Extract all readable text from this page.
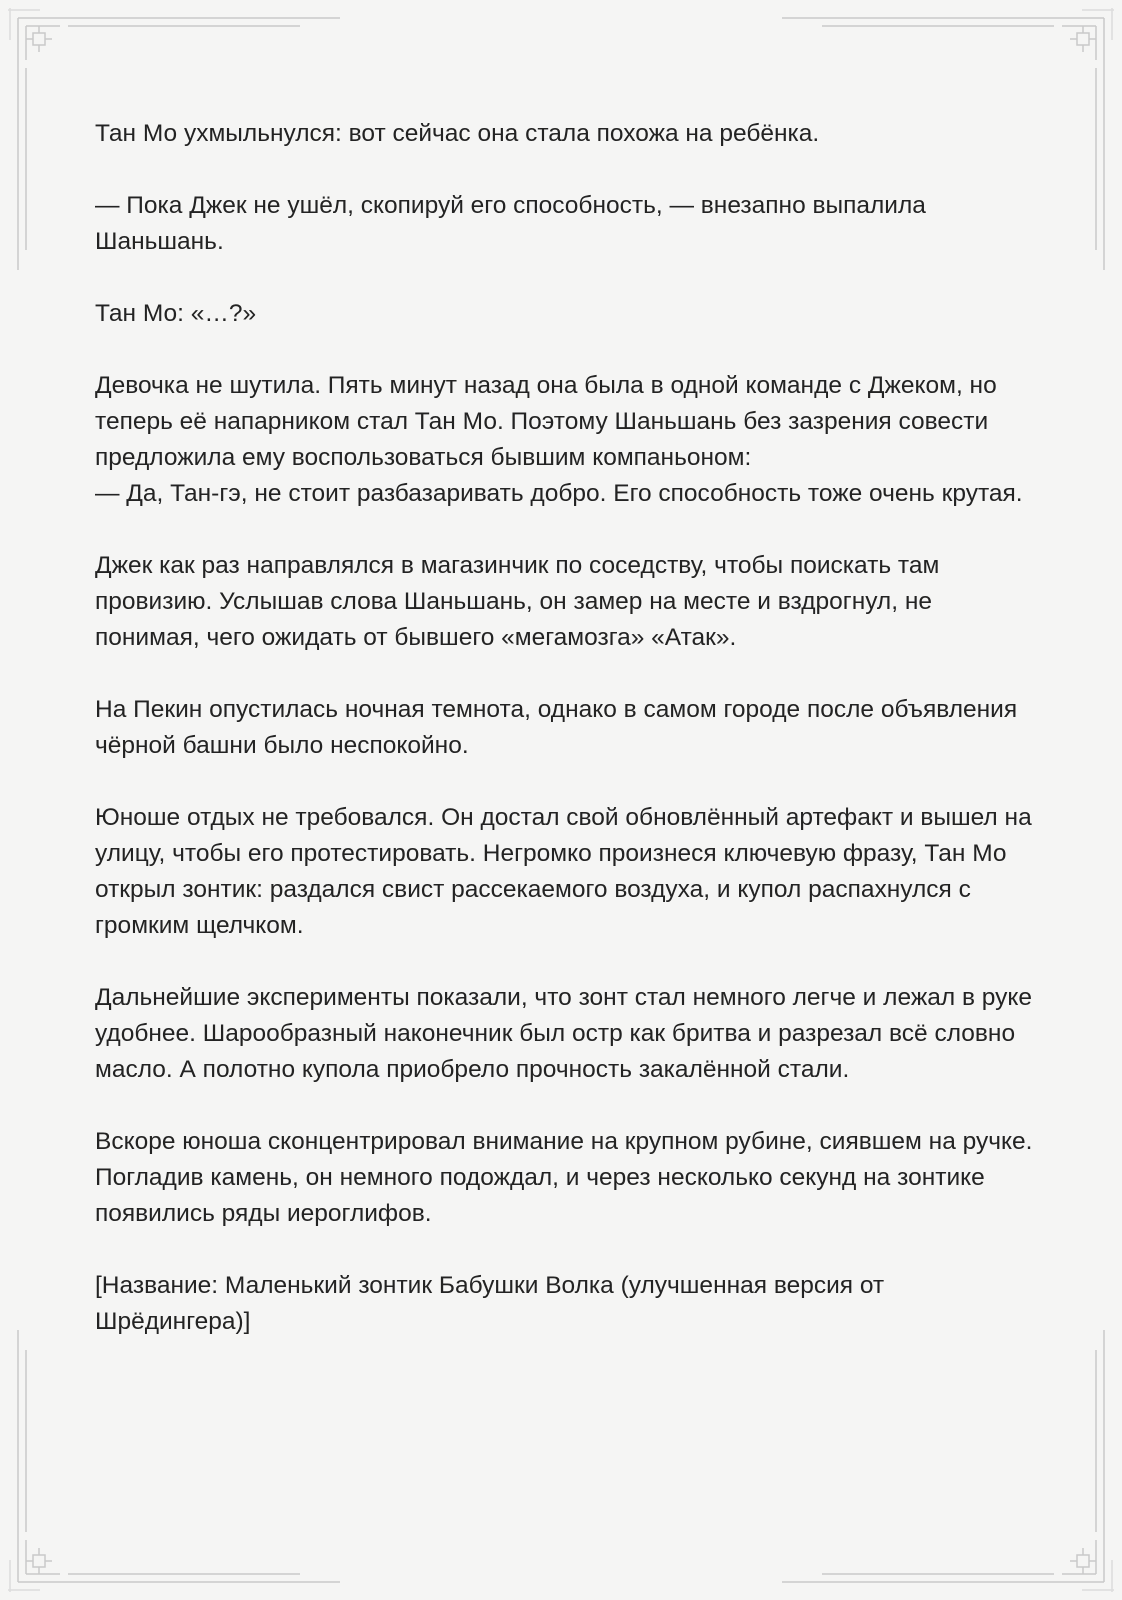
Тан Мо ухмыльнулся: вот сейчас она стала похожа на ребёнка.

— Пока Джек не ушёл, скопируй его способность, — внезапно выпалила Шаньшань.

Тан Мо: «…?»

Девочка не шутила. Пять минут назад она была в одной команде с Джеком, но теперь её напарником стал Тан Мо. Поэтому Шаньшань без зазрения совести предложила ему воспользоваться бывшим компаньоном:

— Да, Тан-гэ, не стоит разбазаривать добро. Его способность тоже очень крутая.

Джек как раз направлялся в магазинчик по соседству, чтобы поискать там провизию. Услышав слова Шаньшань, он замер на месте и вздрогнул, не понимая, чего ожидать от бывшего «мегамозга» «Атак».

На Пекин опустилась ночная темнота, однако в самом городе после объявления чёрной башни было неспокойно.

Юноше отдых не требовался. Он достал свой обновлённый артефакт и вышел на улицу, чтобы его протестировать. Негромко произнеся ключевую фразу, Тан Мо открыл зонтик: раздался свист рассекаемого воздуха, и купол распахнулся с громким щелчком.

Дальнейшие эксперименты показали, что зонт стал немного легче и лежал в руке удобнее. Шарообразный наконечник был остр как бритва и разрезал всё словно масло. А полотно купола приобрело прочность закалённой стали.

Вскоре юноша сконцентрировал внимание на крупном рубине, сиявшем на ручке. Погладив камень, он немного подождал, и через несколько секунд на зонтике появились ряды иероглифов.

[Название: Маленький зонтик Бабушки Волка (улучшенная версия от Шрёдингера)]
